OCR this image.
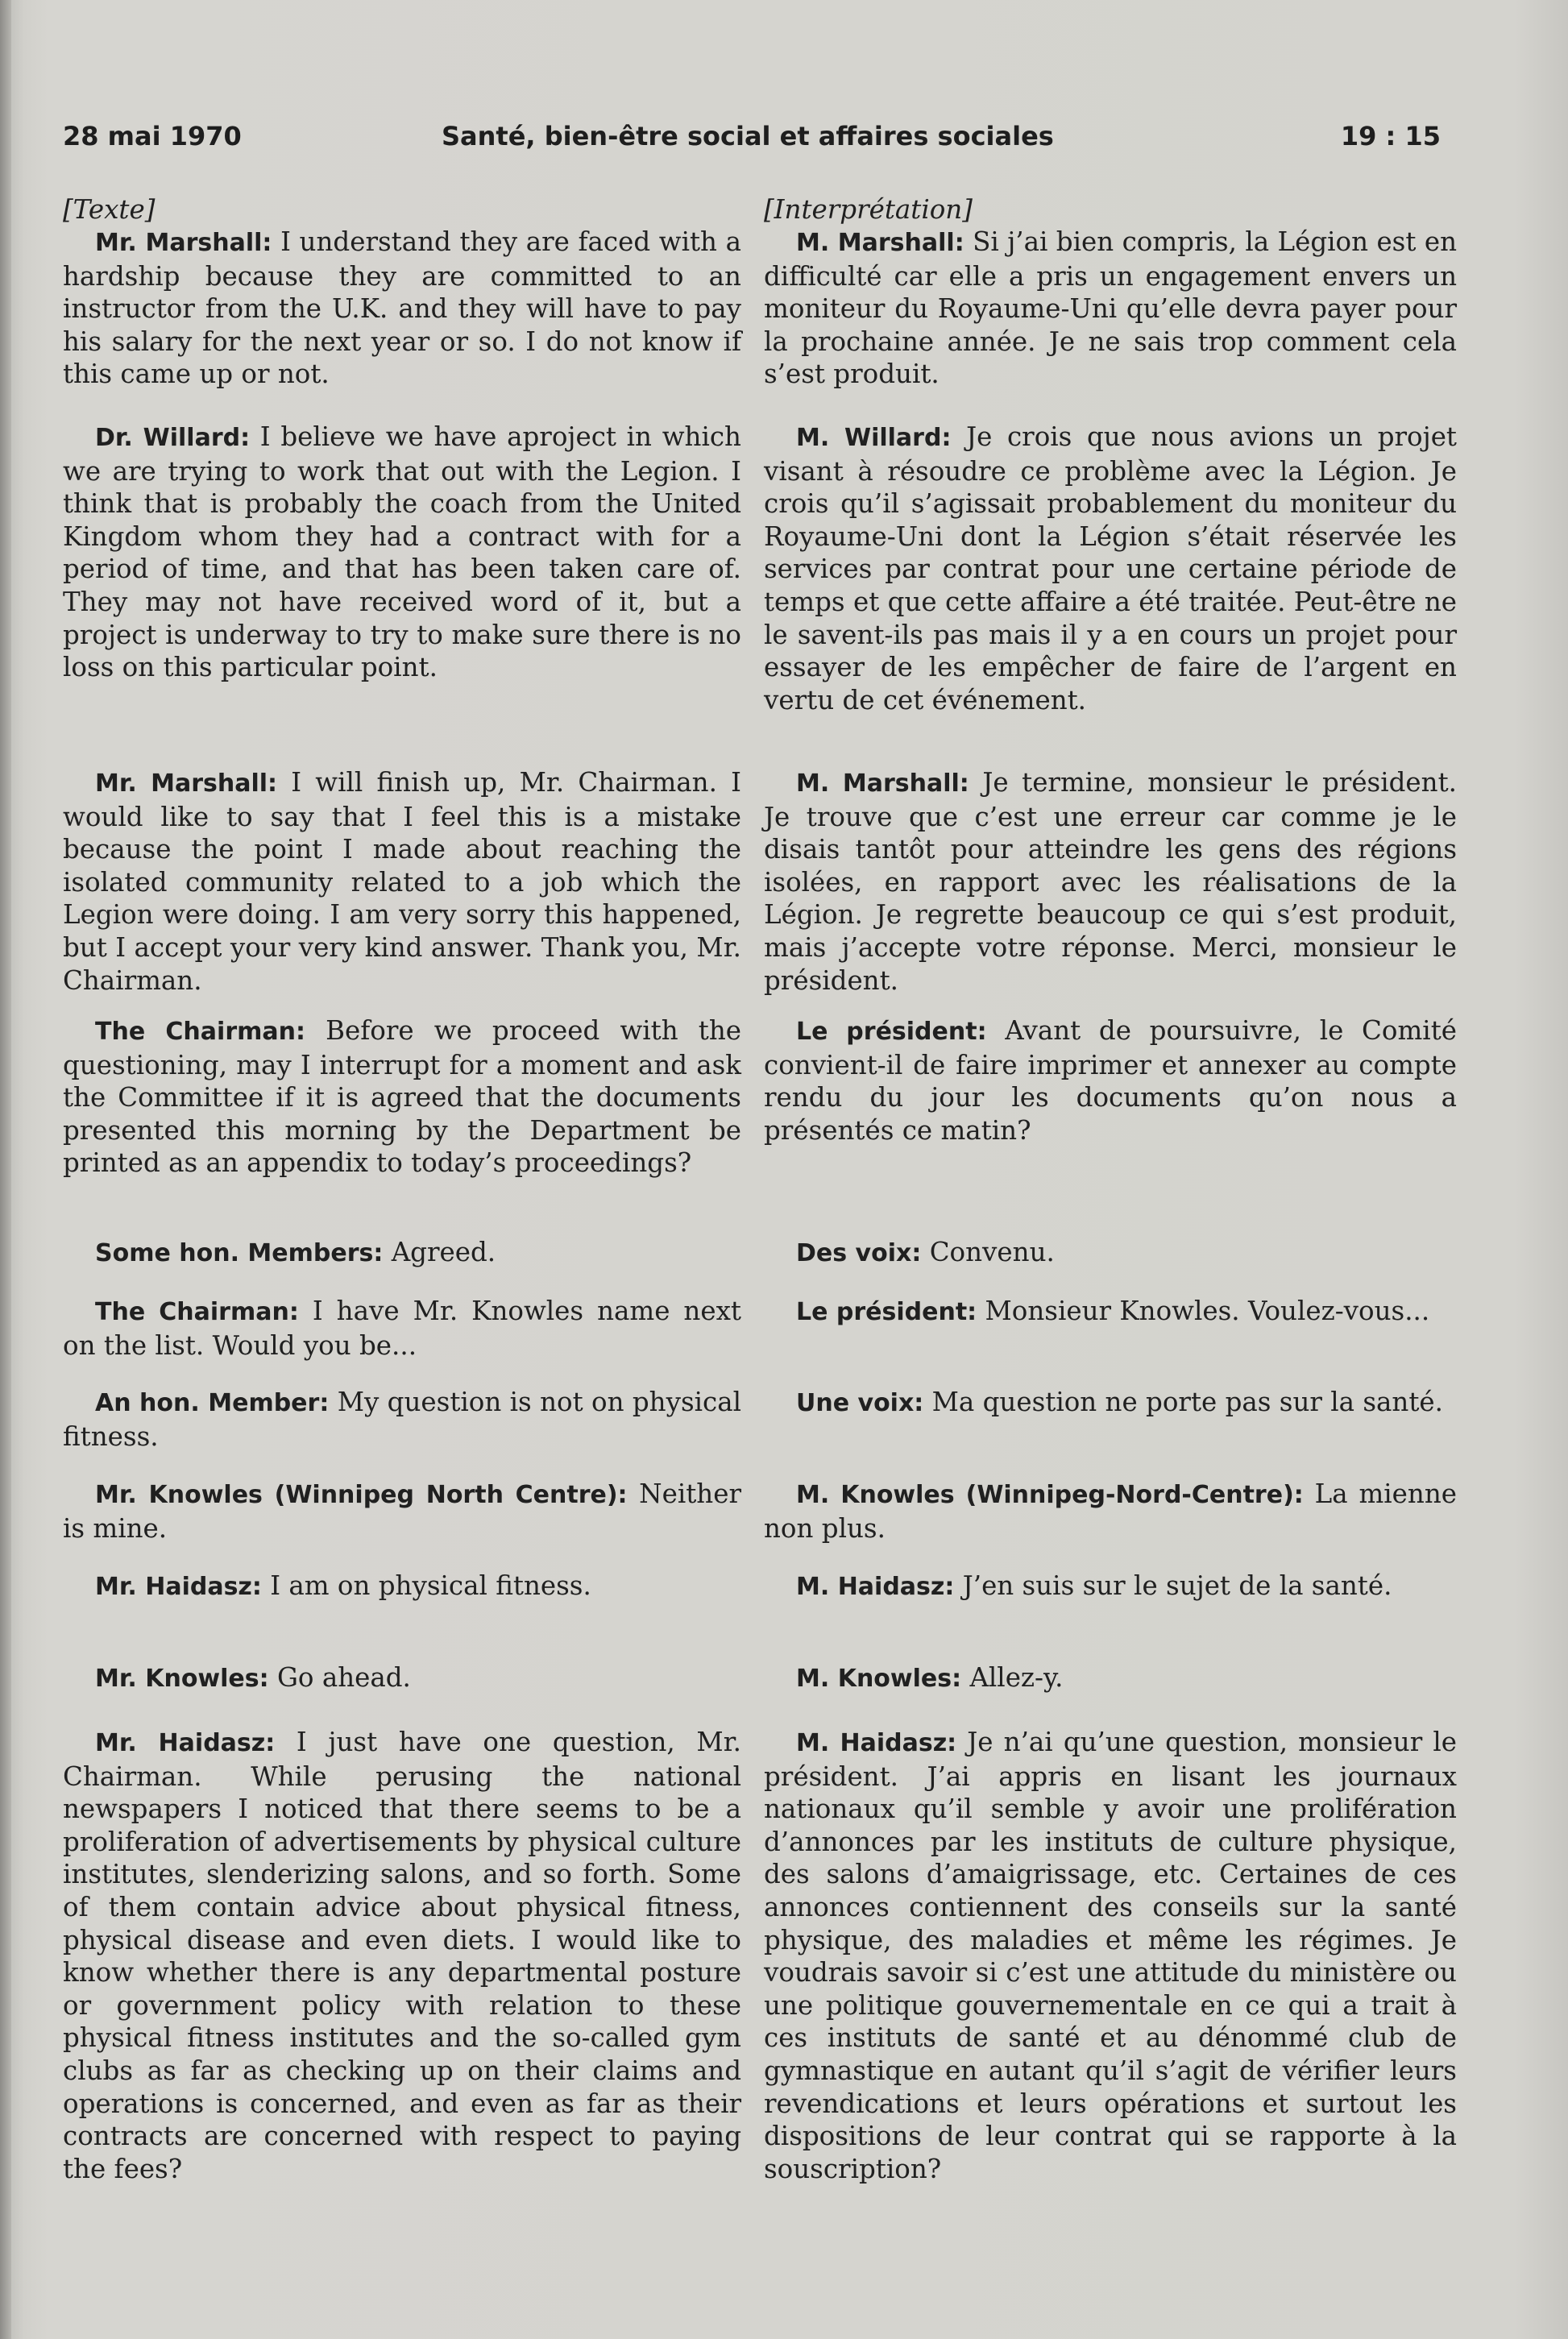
28 mai 1970	Santé, bien-être social et affaires sociales	19 : 15
[Texte]

Mr. Marshall: I understand they are faced with a hardship because they are committed to an instructor from the U.K. and they will have to pay his salary for the next year or so. I do not know if this came up or not.

Dr. Willard: I believe we have aproject in which we are trying to work that out with the Legion. I think that is probably the coach from the United Kingdom whom they had a contract with for a period of time, and that has been taken care of. They may not have received word of it, but a project is underway to try to make sure there is no loss on this particular point.

Mr. Marshall: I will finish up, Mr. Chairman. I would like to say that I feel this is a mistake because the point I made about reaching the isolated community related to a job which the Legion were doing. I am very sorry this happened, but I accept your very kind answer. Thank you, Mr. Chairman.

The Chairman: Before we proceed with the questioning, may I interrupt for a moment and ask the Committee if it is agreed that the documents presented this morning by the Department be printed as an appendix to today’s proceedings?

Some hon. Members: Agreed.

The Chairman: I have Mr. Knowles name next on the list. Would you be...

An hon. Member: My question is not on physical fitness.

Mr. Knowles (Winnipeg North Centre): Neither is mine.

Mr. Haidasz: I am on physical fitness.

Mr. Knowles: Go ahead.

Mr. Haidasz: I just have one question, Mr. Chairman. While perusing the national newspapers I noticed that there seems to be a proliferation of advertisements by physical culture institutes, slenderizing salons, and so forth. Some of them contain advice about physical fitness, physical disease and even diets. I would like to know whether there is any departmental posture or government policy with relation to these physical fitness institutes and the so-called gym clubs as far as checking up on their claims and operations is concerned, and even as far as their contracts are concerned with respect to paying the fees?

[Interprétation]

M. Marshall: Si j’ai bien compris, la Légion est en difficulté car elle a pris un engagement envers un moniteur du Royaume-Uni qu’elle devra payer pour la prochaine année. Je ne sais trop comment cela s’est produit.

M. Willard: Je crois que nous avions un projet visant à résoudre ce problème avec la Légion. Je crois qu’il s’agissait probablement du moniteur du Royaume-Uni dont la Légion s’était réservée les services par contrat pour une certaine période de temps et que cette affaire a été traitée. Peut-être ne le savent-ils pas mais il y a en cours un projet pour essayer de les empêcher de faire de l’argent en vertu de cet événement.

M. Marshall: Je termine, monsieur le président. Je trouve que c’est une erreur car comme je le disais tantôt pour atteindre les gens des régions isolées, en rapport avec les réalisations de la Légion. Je regrette beaucoup ce qui s’est produit, mais j’accepte votre réponse. Merci, monsieur le président.

Le président: Avant de poursuivre, le Comité convient-il de faire imprimer et annexer au compte rendu du jour les documents qu’on nous a présentés ce matin?

Des voix: Convenu.

Le président: Monsieur Knowles. Voulez-vous...

Une voix: Ma question ne porte pas sur la santé.

M. Knowles (Winnipeg-Nord-Centre): La mienne non plus.

M. Haidasz: J’en suis sur le sujet de la santé.

M. Knowles: Allez-y.

M. Haidasz: Je n’ai qu’une question, monsieur le président. J’ai appris en lisant les journaux nationaux qu’il semble y avoir une prolifération d’annonces par les instituts de culture physique, des salons d’amaigrissage, etc. Certaines de ces annonces contiennent des conseils sur la santé physique, des maladies et même les régimes. Je voudrais savoir si c’est une attitude du ministère ou une politique gouvernementale en ce qui a trait à ces instituts de santé et au dénommé club de gymnastique en autant qu’il s’agit de vérifier leurs revendications et leurs opérations et surtout les dispositions de leur contrat qui se rapporte à la souscription?
